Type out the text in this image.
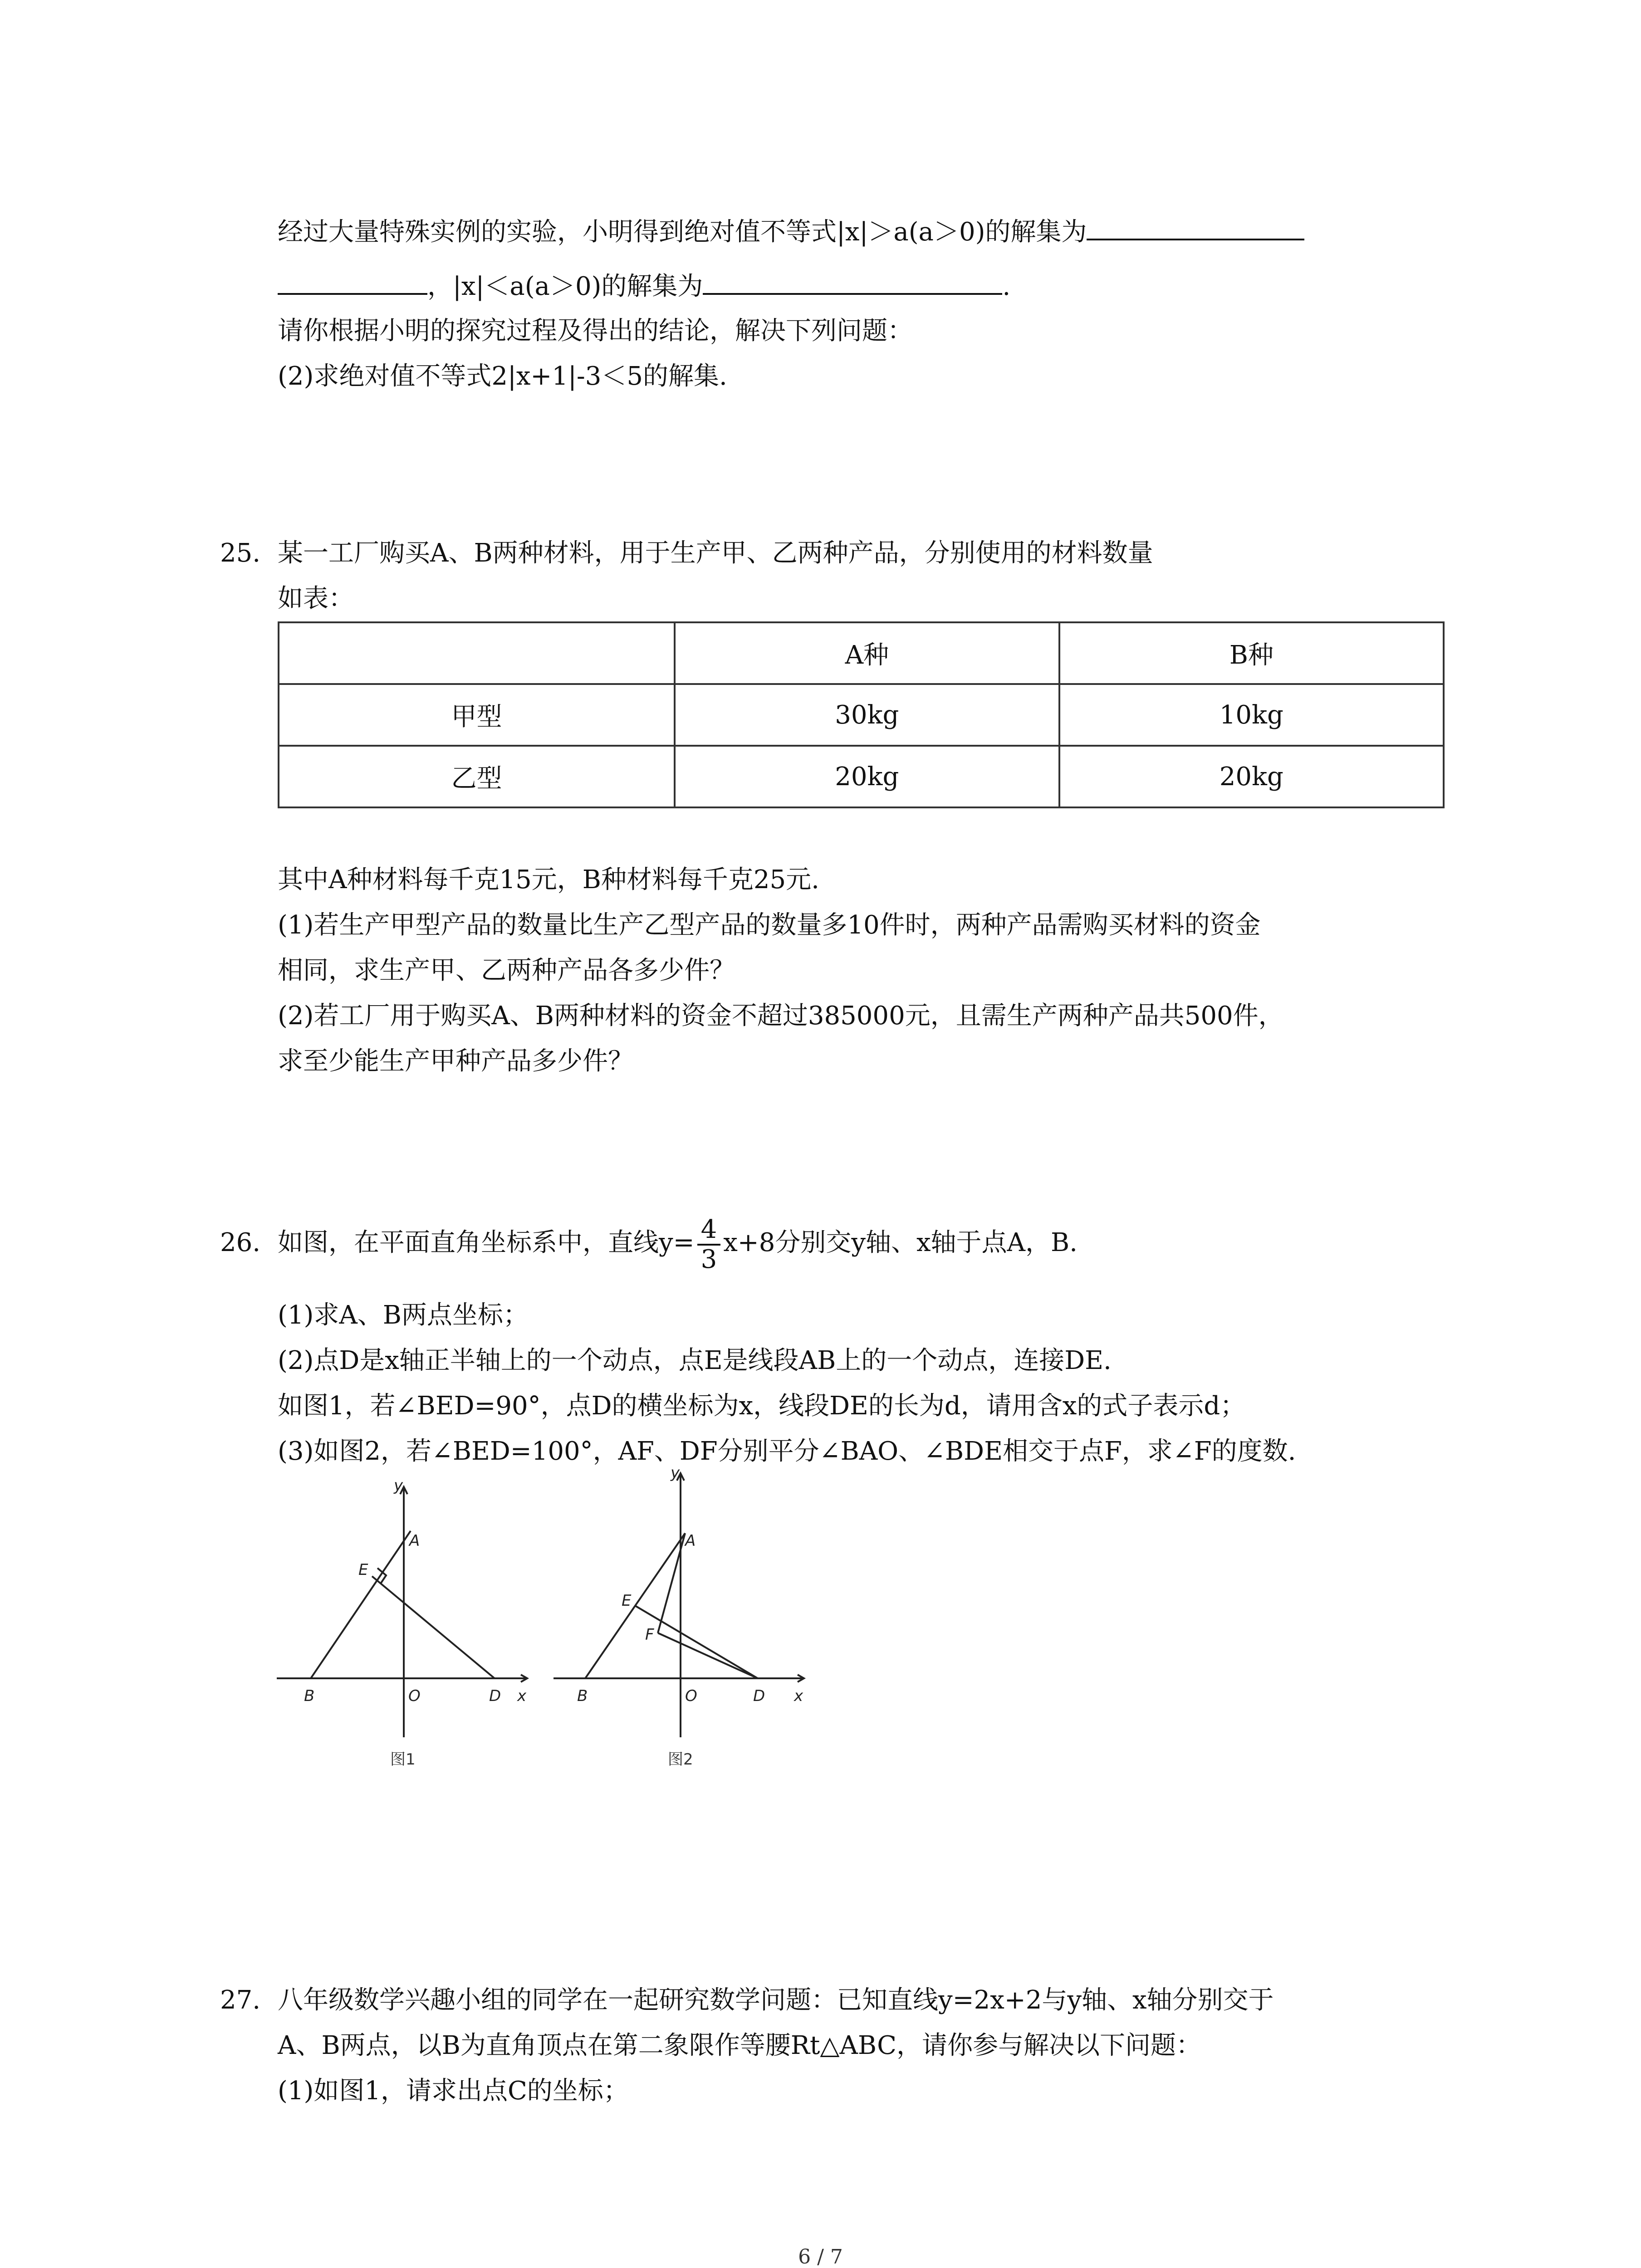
经过大量特殊实例的实验，小明得到绝对值不等式|x|＞a(a＞0)的解集为
，|x|＜a(a＞0)的解集为	.
请你根据小明的探究过程及得出的结论，解决下列问题：
(2)求绝对值不等式2|x+1|-3＜5的解集.
25. 某一工厂购买A、B两种材料，用于生产甲、乙两种产品，分别使用的材料数量
如表：
	A种	B种
甲型	30kg	10kg
乙型	20kg	20kg
其中A种材料每千克15元，B种材料每千克25元.
(1)若生产甲型产品的数量比生产乙型产品的数量多10件时，两种产品需购买材料的资金
相同，求生产甲、乙两种产品各多少件？
(2)若工厂用于购买A、B两种材料的资金不超过385000元，且需生产两种产品共500件，
求至少能生产甲种产品多少件？
26. 如图，在平面直角坐标系中，直线$y= \frac{4}{3} x+8$分别交y轴、x轴于点A，B.
(1)求A、B两点坐标；
(2)点D是x轴正半轴上的一个动点，点E是线段AB上的一个动点，连接DE.
如图1，若∠BED=90°，点D的横坐标为x，线段DE的长为d，请用含x的式子表示d；
(3)如图2，若∠BED=100°，AF、DF分别平分∠BAO、∠BDE相交于点F，求∠F的度数.
y
A
E
B	O	D x
图1
y
A
E
F
B	O	D x
图2
27. 八年级数学兴趣小组的同学在一起研究数学问题：已知直线y=2x+2与y轴、x轴分别交于
A、B两点，以B为直角顶点在第二象限作等腰Rt△ABC，请你参与解决以下问题：
(1)如图1，请求出点C的坐标；
6 / 7
